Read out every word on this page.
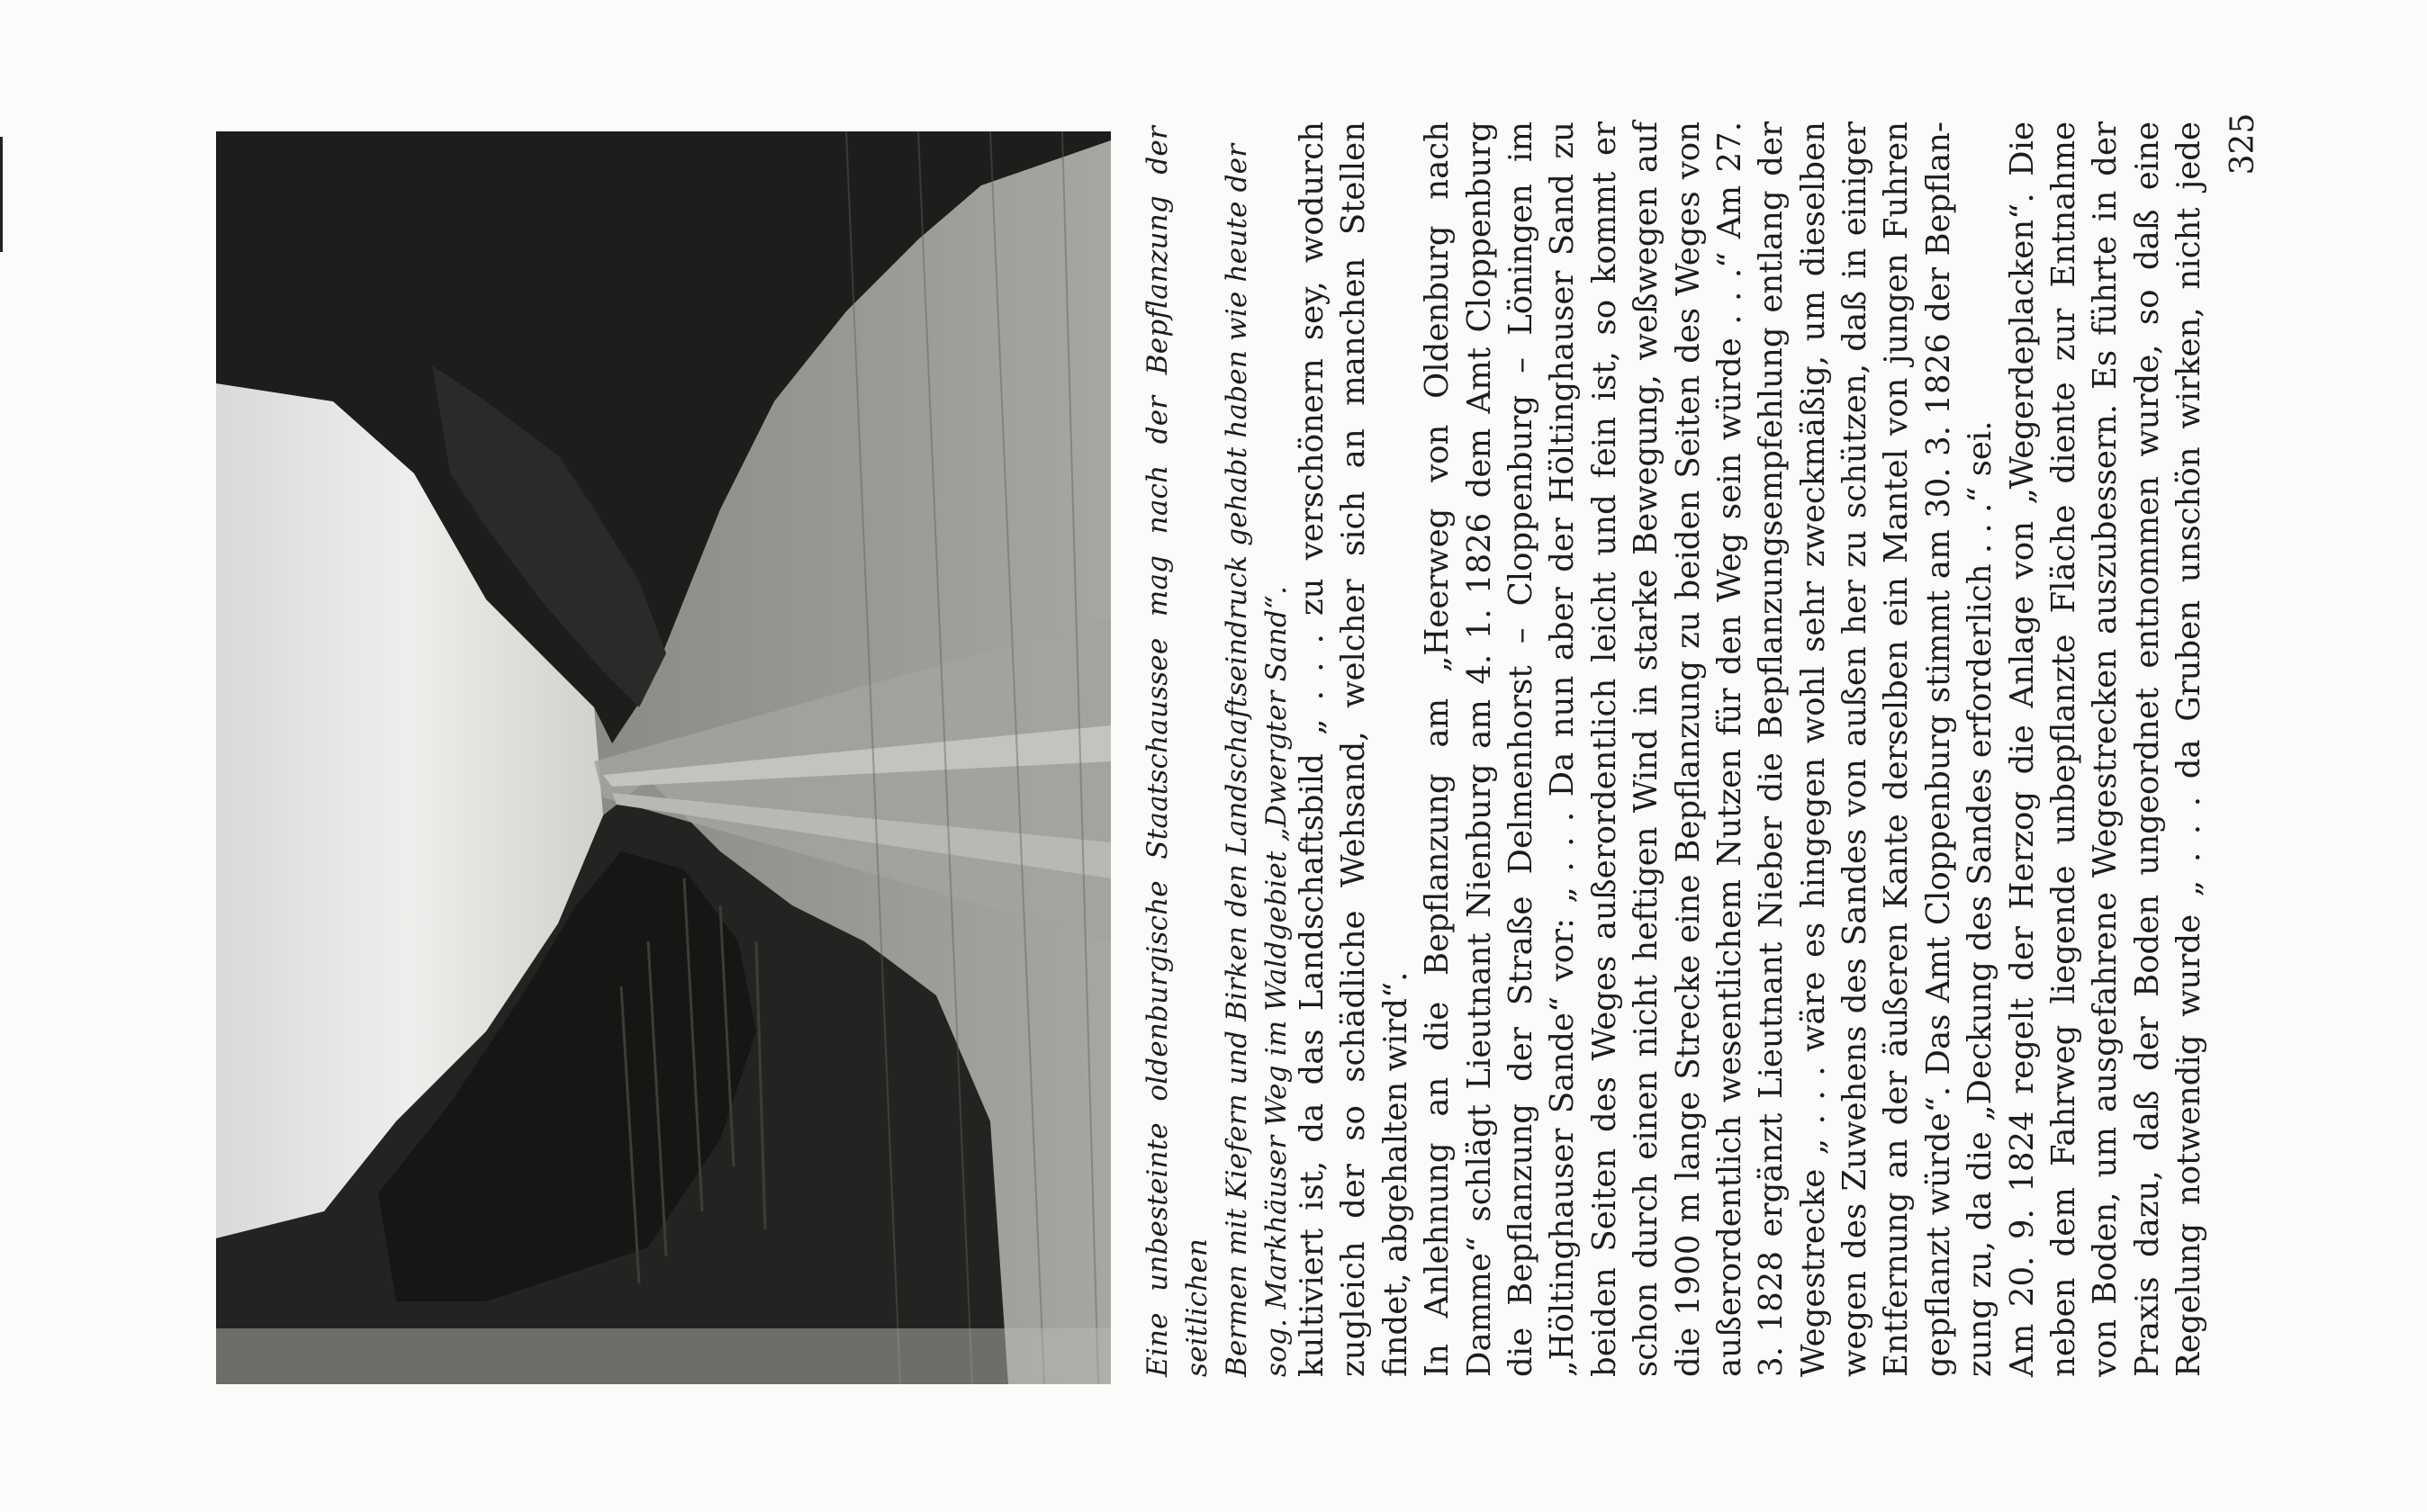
Eine unbesteinte oldenburgische Staatschaussee mag nach der Bepflanzung der seitlichen Bermen mit Kiefern und Birken den Landschaftseindruck gehabt haben wie heute der sog. Markhäuser Weg im Waldgebiet „Dwergter Sand“. kultiviert ist, da das Landschaftsbild „ . . . zu verschönern sey, wodurch zugleich der so schädliche Wehsand, welcher sich an manchen Stellen findet, abgehalten wird“. In Anlehnung an die Bepflanzung am „Heerweg von Oldenburg nach Damme“ schlägt Lieutnant Nienburg am 4. 1. 1826 dem Amt Cloppenburg die Bepflanzung der Straße Delmenhorst – Cloppenburg – Löningen im „Höltinghauser Sande“ vor: „ . . . Da nun aber der Höltinghauser Sand zu beiden Seiten des Weges außerordentlich leicht und fein ist, so kommt er schon durch einen nicht heftigen Wind in starke Bewegung, weßwegen auf die 1900 m lange Strecke eine Bepflanzung zu beiden Seiten des Weges von außerordentlich wesentlichem Nutzen für den Weg sein würde . . .“ Am 27. 3. 1828 ergänzt Lieutnant Nieber die Bepflanzungsempfehlung entlang der Wegestrecke „ . . . wäre es hingegen wohl sehr zweckmäßig, um dieselben wegen des Zuwehens des Sandes von außen her zu schützen, daß in einiger Entfernung an der äußeren Kante derselben ein Mantel von jungen Fuhren gepflanzt würde“. Das Amt Cloppenburg stimmt am 30. 3. 1826 der Bepflan- zung zu, da die „Deckung des Sandes erforderlich . . .“ sei. Am 20. 9. 1824 regelt der Herzog die Anlage von „Wegerdeplacken“. Die neben dem Fahrweg liegende unbepflanzte Fläche diente zur Entnahme von Boden, um ausgefahrene Wegestrecken auszubessern. Es führte in der Praxis dazu, daß der Boden ungeordnet entnommen wurde, so daß eine Regelung notwendig wurde „ . . . da Gruben unschön wirken, nicht jede 325
